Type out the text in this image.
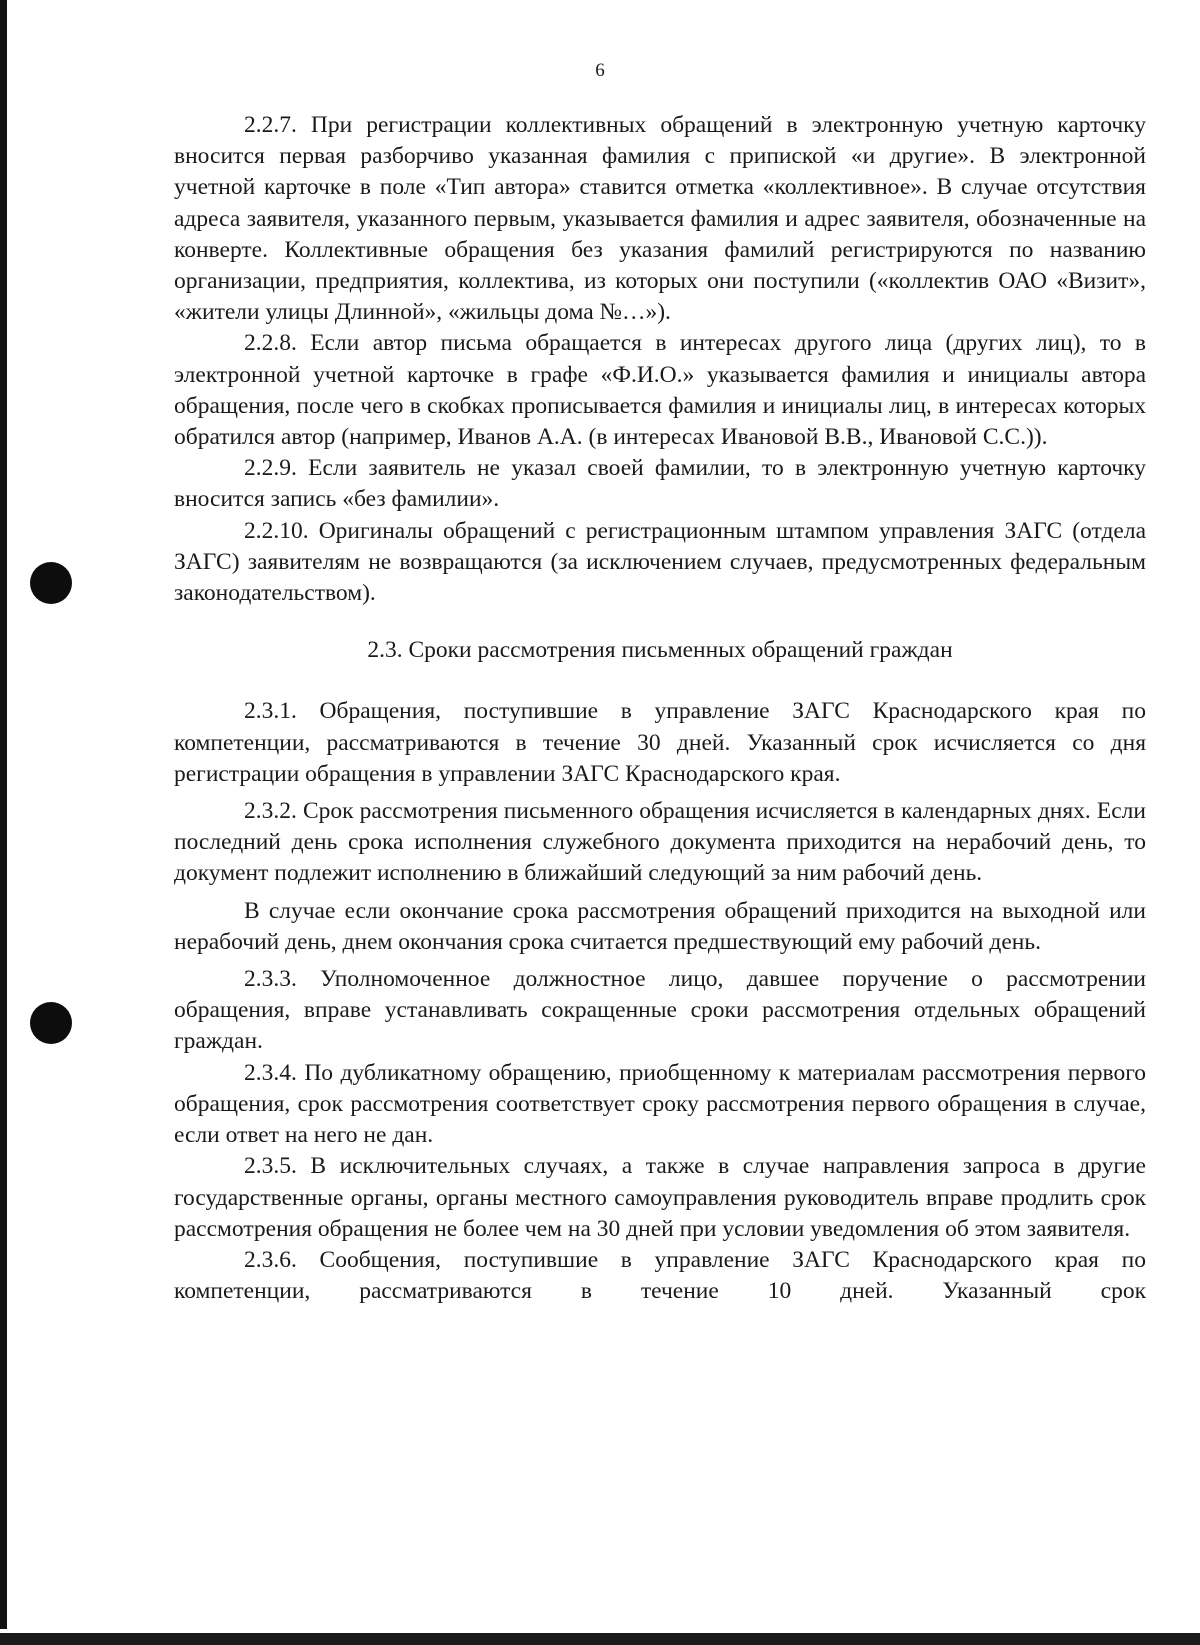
6

2.2.7. При регистрации коллективных обращений в электронную учетную карточку вносится первая разборчиво указанная фамилия с припиской «и другие». В электронной учетной карточке в поле «Тип автора» ставится отметка «коллективное». В случае отсутствия адреса заявителя, указанного первым, указывается фамилия и адрес заявителя, обозначенные на конверте. Коллективные обращения без указания фамилий регистрируются по названию организации, предприятия, коллектива, из которых они поступили («коллектив ОАО «Визит», «жители улицы Длинной», «жильцы дома №…»).

2.2.8. Если автор письма обращается в интересах другого лица (других лиц), то в электронной учетной карточке в графе «Ф.И.О.» указывается фамилия и инициалы автора обращения, после чего в скобках прописывается фамилия и инициалы лиц, в интересах которых обратился автор (например, Иванов А.А. (в интересах Ивановой В.В., Ивановой С.С.)).

2.2.9. Если заявитель не указал своей фамилии, то в электронную учетную карточку вносится запись «без фамилии».

2.2.10. Оригиналы обращений с регистрационным штампом управления ЗАГС (отдела ЗАГС) заявителям не возвращаются (за исключением случаев, предусмотренных федеральным законодательством).

2.3. Сроки рассмотрения письменных обращений граждан

2.3.1. Обращения, поступившие в управление ЗАГС Краснодарского края по компетенции, рассматриваются в течение 30 дней. Указанный срок исчисляется со дня регистрации обращения в управлении ЗАГС Краснодарского края.

2.3.2. Срок рассмотрения письменного обращения исчисляется в календарных днях. Если последний день срока исполнения служебного документа приходится на нерабочий день, то документ подлежит исполнению в ближайший следующий за ним рабочий день.

В случае если окончание срока рассмотрения обращений приходится на выходной или нерабочий день, днем окончания срока считается предшествующий ему рабочий день.

2.3.3. Уполномоченное должностное лицо, давшее поручение о рассмотрении обращения, вправе устанавливать сокращенные сроки рассмотрения отдельных обращений граждан.

2.3.4. По дубликатному обращению, приобщенному к материалам рассмотрения первого обращения, срок рассмотрения соответствует сроку рассмотрения первого обращения в случае, если ответ на него не дан.

2.3.5. В исключительных случаях, а также в случае направления запроса в другие государственные органы, органы местного самоуправления руководитель вправе продлить срок рассмотрения обращения не более чем на 30 дней при условии уведомления об этом заявителя.

2.3.6. Сообщения, поступившие в управление ЗАГС Краснодарского края по компетенции, рассматриваются в течение 10 дней. Указанный срок
